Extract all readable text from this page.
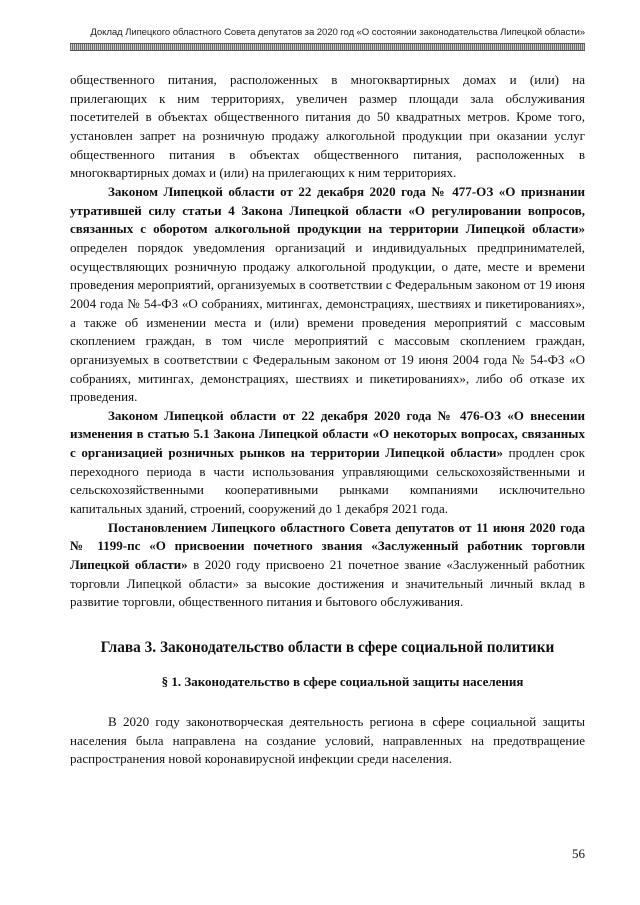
Доклад Липецкого областного Совета депутатов за 2020 год «О состоянии законодательства Липецкой области»

общественного питания, расположенных в многоквартирных домах и (или) на прилегающих к ним территориях, увеличен размер площади зала обслуживания посетителей в объектах общественного питания до 50 квадратных метров. Кроме того, установлен запрет на розничную продажу алкогольной продукции при оказании услуг общественного питания в объектах общественного питания, расположенных в многоквартирных домах и (или) на прилегающих к ним территориях.

Законом Липецкой области от 22 декабря 2020 года № 477-ОЗ «О признании утратившей силу статьи 4 Закона Липецкой области «О регулировании вопросов, связанных с оборотом алкогольной продукции на территории Липецкой области» определен порядок уведомления организаций и индивидуальных предпринимателей, осуществляющих розничную продажу алкогольной продукции, о дате, месте и времени проведения мероприятий, организуемых в соответствии с Федеральным законом от 19 июня 2004 года № 54-ФЗ «О собраниях, митингах, демонстрациях, шествиях и пикетированиях», а также об изменении места и (или) времени проведения мероприятий с массовым скоплением граждан, в том числе мероприятий с массовым скоплением граждан, организуемых в соответствии с Федеральным законом от 19 июня 2004 года № 54-ФЗ «О собраниях, митингах, демонстрациях, шествиях и пикетированиях», либо об отказе их проведения.

Законом Липецкой области от 22 декабря 2020 года № 476-ОЗ «О внесении изменения в статью 5.1 Закона Липецкой области «О некоторых вопросах, связанных с организацией розничных рынков на территории Липецкой области» продлен срок переходного периода в части использования управляющими сельскохозяйственными и сельскохозяйственными кооперативными рынками компаниями исключительно капитальных зданий, строений, сооружений до 1 декабря 2021 года.

Постановлением Липецкого областного Совета депутатов от 11 июня 2020 года № 1199-пс «О присвоении почетного звания «Заслуженный работник торговли Липецкой области» в 2020 году присвоено 21 почетное звание «Заслуженный работник торговли Липецкой области» за высокие достижения и значительный личный вклад в развитие торговли, общественного питания и бытового обслуживания.

Глава 3. Законодательство области в сфере социальной политики

§ 1. Законодательство в сфере социальной защиты населения

В 2020 году законотворческая деятельность региона в сфере социальной защиты населения была направлена на создание условий, направленных на предотвращение распространения новой коронавирусной инфекции среди населения.

56
